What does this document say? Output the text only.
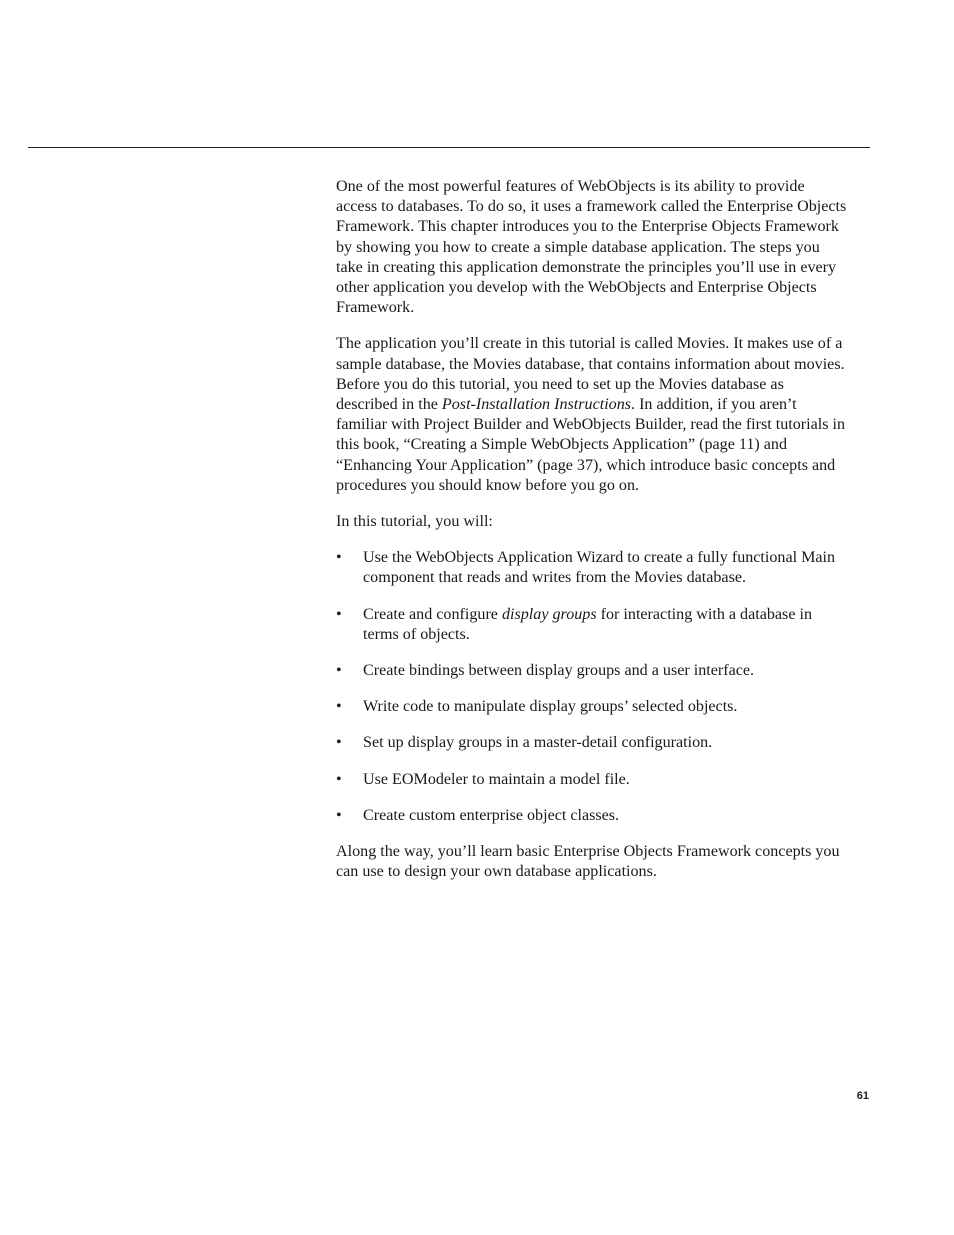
One of the most powerful features of WebObjects is its ability to provide access to databases. To do so, it uses a framework called the Enterprise Objects Framework. This chapter introduces you to the Enterprise Objects Framework by showing you how to create a simple database application. The steps you take in creating this application demonstrate the principles you’ll use in every other application you develop with the WebObjects and Enterprise Objects Framework.

The application you’ll create in this tutorial is called Movies. It makes use of a sample database, the Movies database, that contains information about movies. Before you do this tutorial, you need to set up the Movies database as described in the Post-Installation Instructions. In addition, if you aren’t familiar with Project Builder and WebObjects Builder, read the first tutorials in this book, “Creating a Simple WebObjects Application” (page 11) and “Enhancing Your Application” (page 37), which introduce basic concepts and procedures you should know before you go on.

In this tutorial, you will:

• Use the WebObjects Application Wizard to create a fully functional Main component that reads and writes from the Movies database.
• Create and configure display groups for interacting with a database in terms of objects.
• Create bindings between display groups and a user interface.
• Write code to manipulate display groups’ selected objects.
• Set up display groups in a master-detail configuration.
• Use EOModeler to maintain a model file.
• Create custom enterprise object classes.

Along the way, you’ll learn basic Enterprise Objects Framework concepts you can use to design your own database applications.

61
